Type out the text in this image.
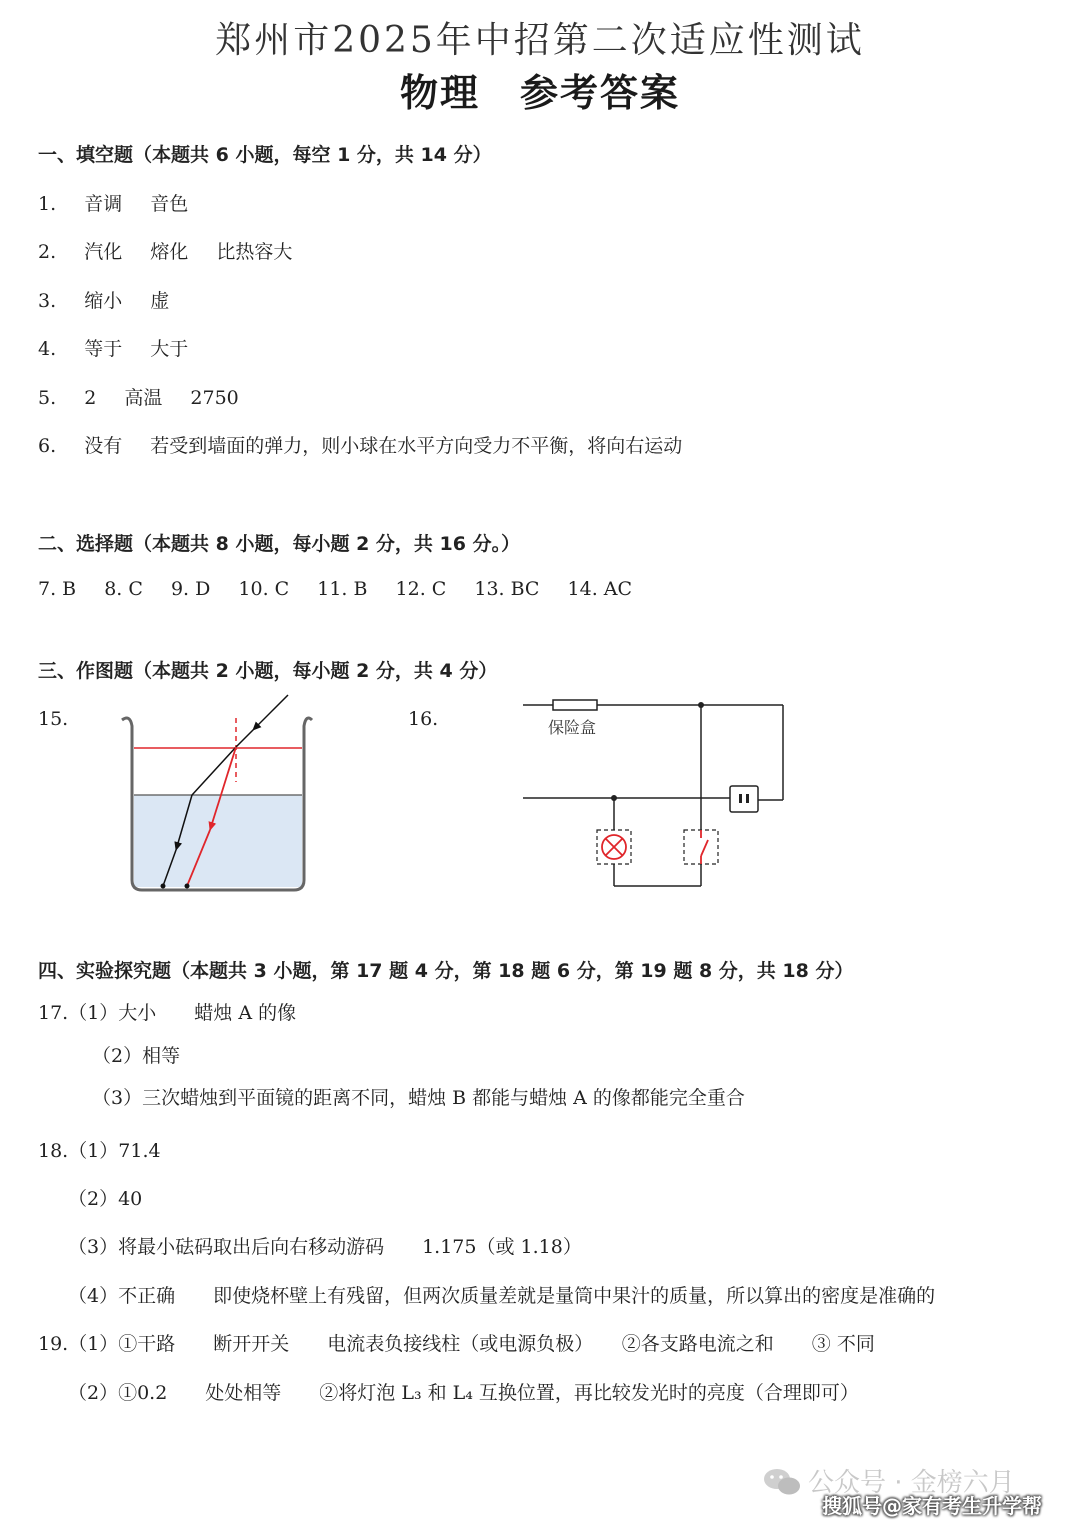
郑州市2025年中招第二次适应性测试
物理　参考答案
一、填空题（本题共 6 小题，每空 1 分，共 14 分）
1. 音调 音色
2. 汽化 熔化 比热容大
3. 缩小 虚
4. 等于 大于
5. 2 高温 2750
6. 没有 若受到墙面的弹力，则小球在水平方向受力不平衡，将向右运动
二、选择题（本题共 8 小题，每小题 2 分，共 16 分。）
7. B 8. C 9. D 10. C 11. B 12. C 13. BC 14. AC
三、作图题（本题共 2 小题，每小题 2 分，共 4 分）
15.	16.	保险盒
四、实验探究题（本题共 3 小题，第 17 题 4 分，第 18 题 6 分，第 19 题 8 分，共 18 分）
17.（1）大小　　蜡烛 A 的像
（2）相等
（3）三次蜡烛到平面镜的距离不同，蜡烛 B 都能与蜡烛 A 的像都能完全重合
18.（1）71.4
（2）40
（3）将最小砝码取出后向右移动游码　　1.175（或 1.18）
（4）不正确　　即使烧杯壁上有残留，但两次质量差就是量筒中果汁的质量，所以算出的密度是准确的
19.（1）①干路　　断开开关　　电流表负接线柱（或电源负极）　　②各支路电流之和　　③ 不同
（2）①0.2　　处处相等　　②将灯泡 L₃ 和 L₄ 互换位置，再比较发光时的亮度（合理即可）
公众号 · 金榜六月
搜狐号@家有考生升学帮
